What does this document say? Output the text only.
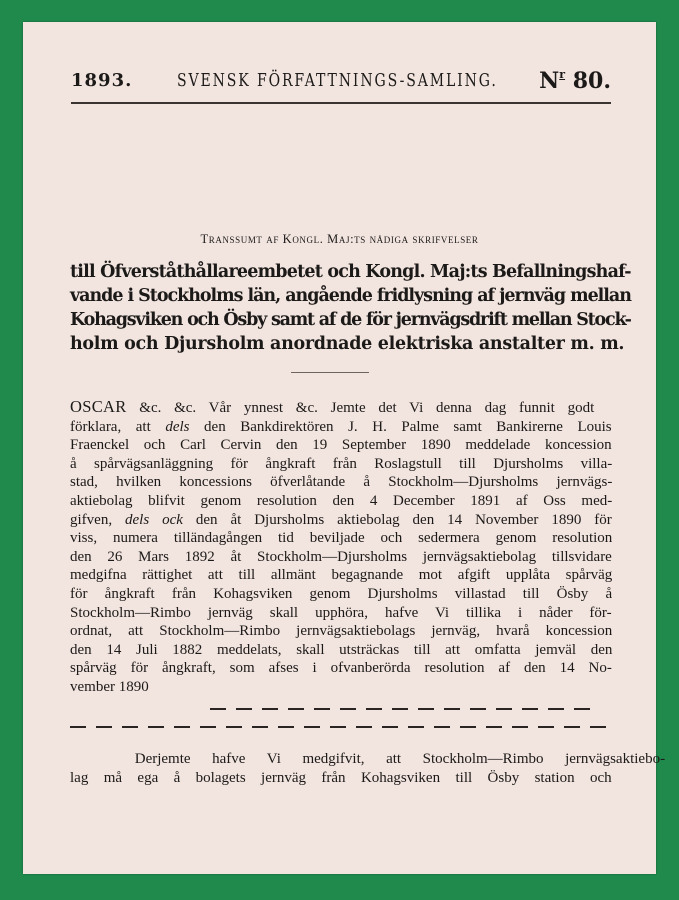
1893. SVENSK FÖRFATTNINGS-SAMLING. $N^r$ 80.
Transsumt af Kongl. Maj:ts nådiga skrifvelser
till Öfverståthållareembetet och Kongl. Maj:ts Befallningshaf-
vande i Stockholms län, angående fridlysning af jernväg mellan
Kohagsviken och Ösby samt af de för jernvägsdrift mellan Stock-
holm och Djursholm anordnade elektriska anstalter m. m.
OSCAR &c. &c. Vår ynnest &c. Jemte det Vi denna dag funnit godt
förklara, att dels den Bankdirektören J. H. Palme samt Bankirerne Louis
Fraenckel och Carl Cervin den 19 September 1890 meddelade koncession
å spårvägsanläggning för ångkraft från Roslagstull till Djursholms villa-
stad, hvilken koncessions öfverlåtande å Stockholm—Djursholms jernvägs-
aktiebolag blifvit genom resolution den 4 December 1891 af Oss med-
gifven, dels ock den åt Djursholms aktiebolag den 14 November 1890 för
viss, numera tilländagången tid beviljade och sedermera genom resolution
den 26 Mars 1892 åt Stockholm—Djursholms jernvägsaktiebolag tillsvidare
medgifna rättighet att till allmänt begagnande mot afgift upplåta spårväg
för ångkraft från Kohagsviken genom Djursholms villastad till Ösby å
Stockholm—Rimbo jernväg skall upphöra, hafve Vi tillika i nåder för-
ordnat, att Stockholm—Rimbo jernvägsaktiebolags jernväg, hvarå koncession
den 14 Juli 1882 meddelats, skall utsträckas till att omfatta jemväl den
spårväg för ångkraft, som afses i ofvanberörda resolution af den 14 No-
vember 1890
Derjemte hafve Vi medgifvit, att Stockholm—Rimbo jernvägsaktiebo-
lag må ega å bolagets jernväg från Kohagsviken till Ösby station och
